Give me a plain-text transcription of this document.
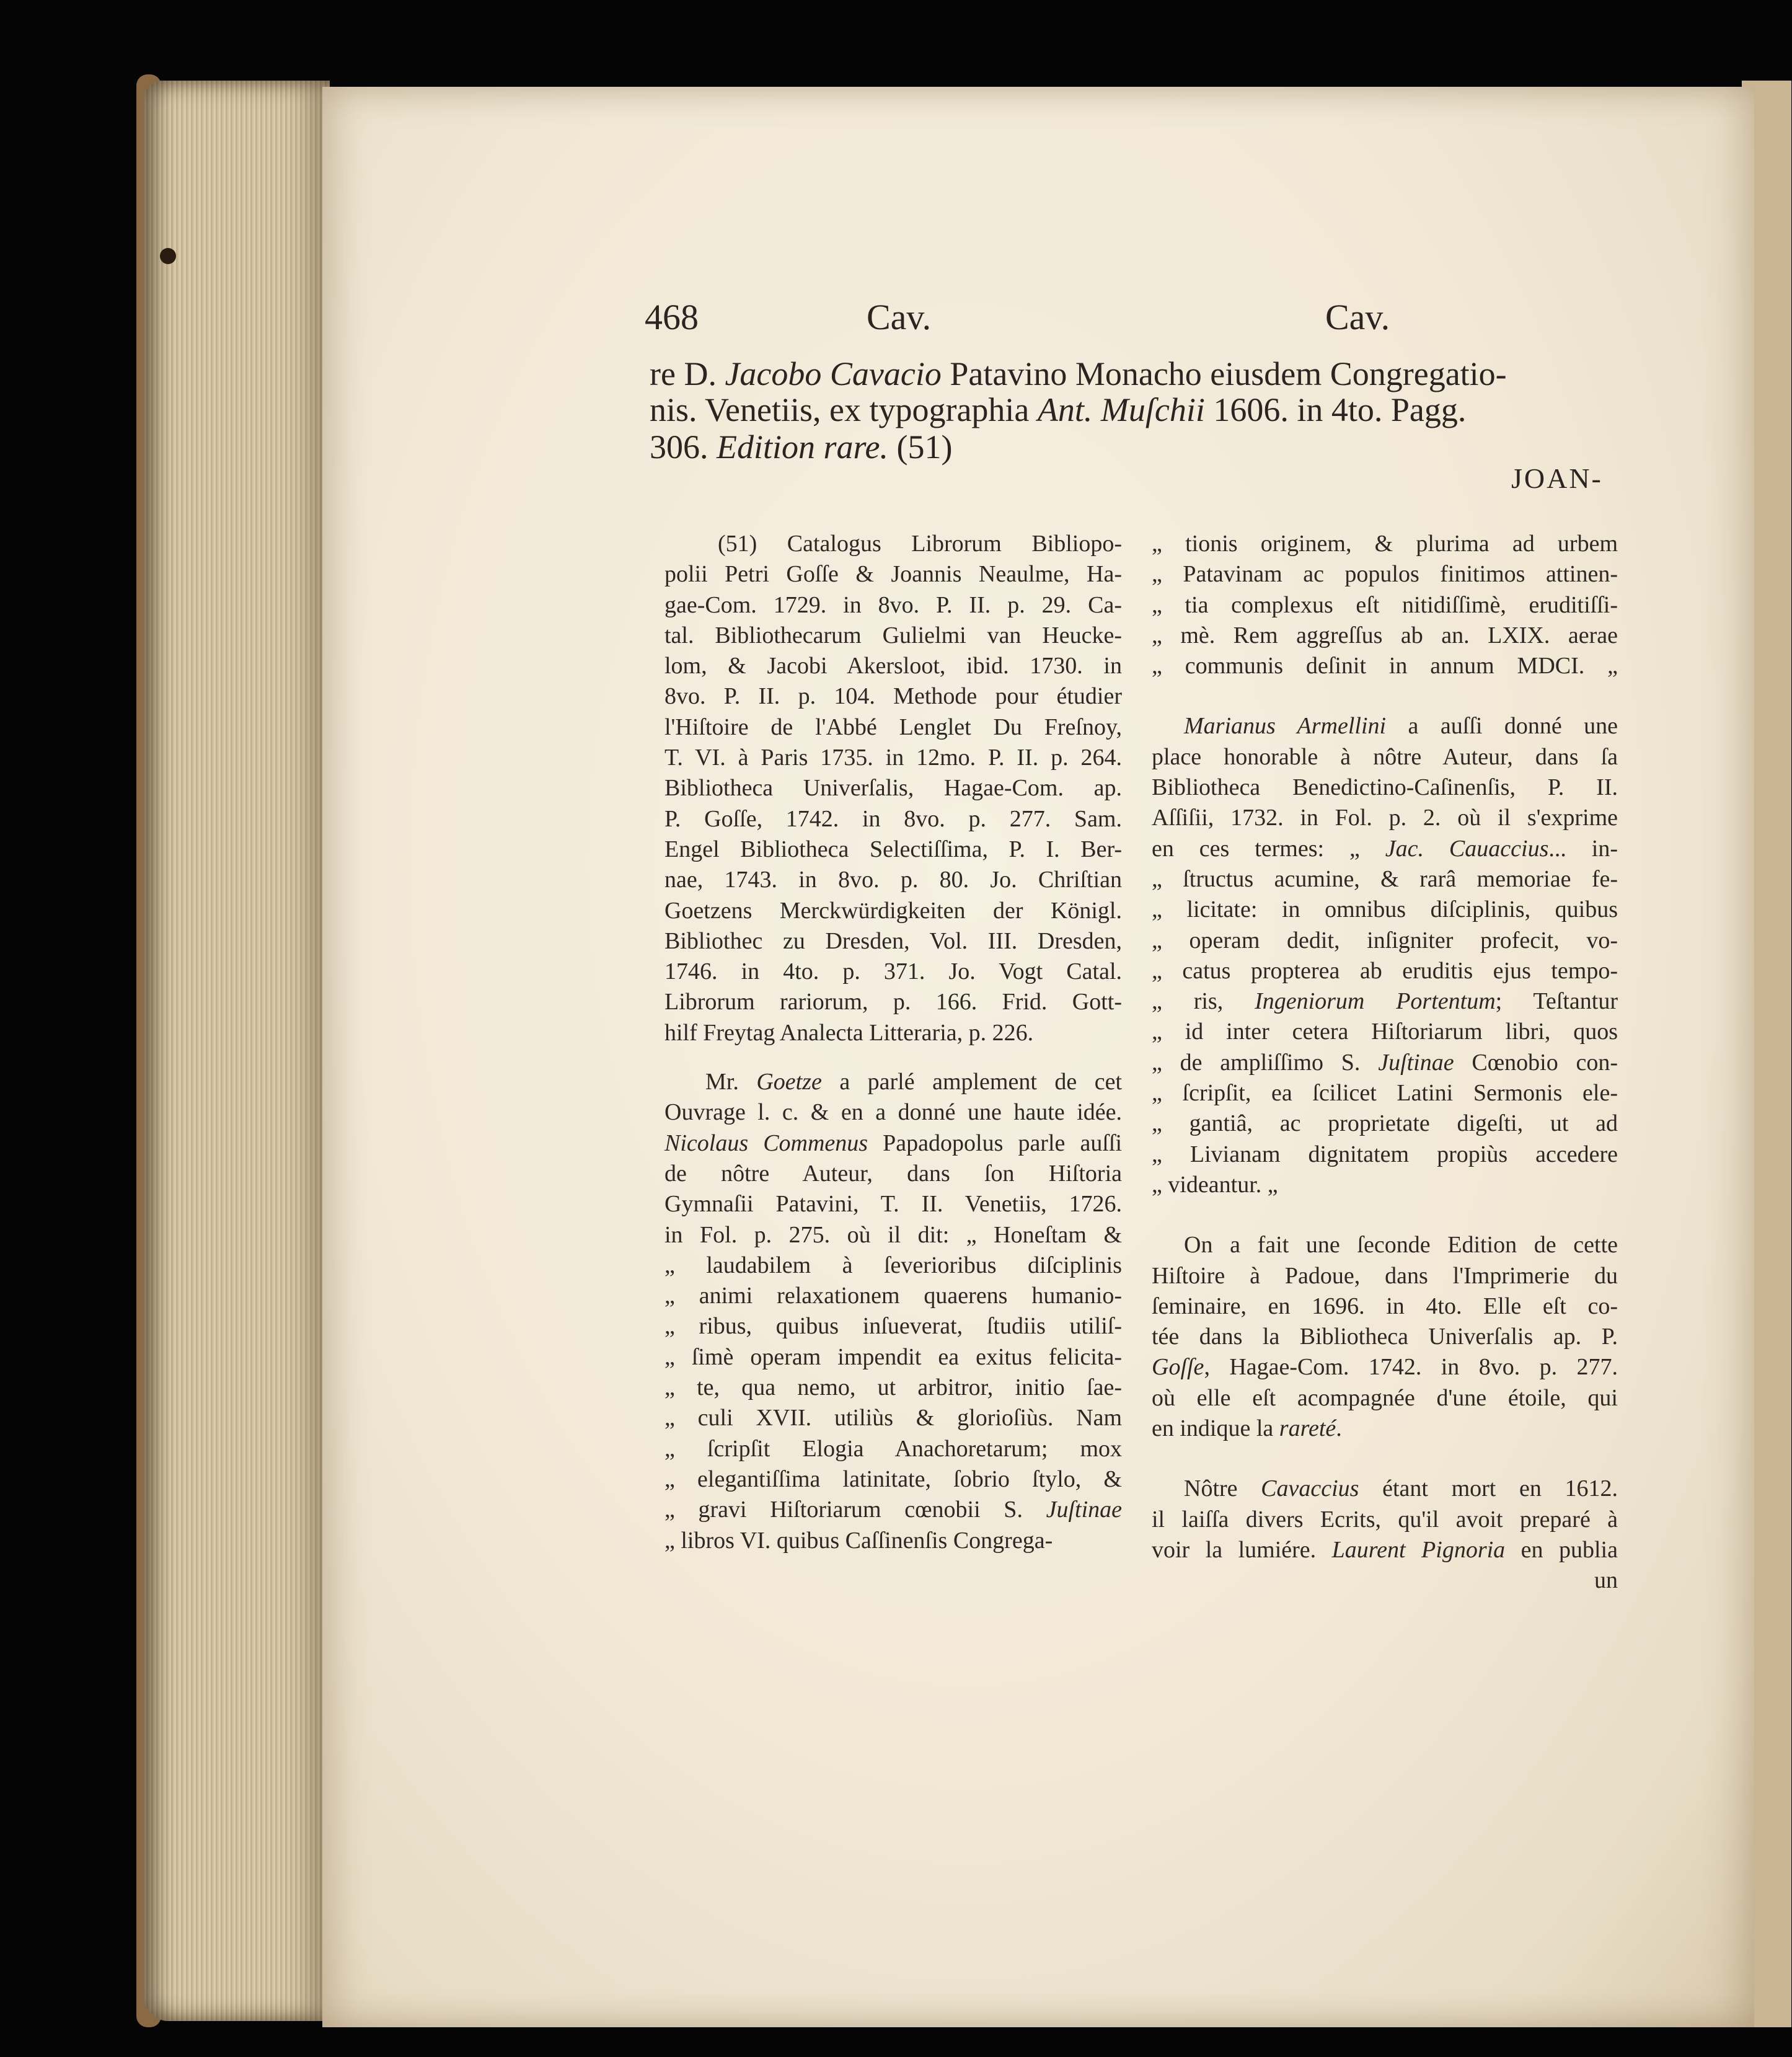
468	Cav.	Cav.
re D. Jacobo Cavacio Patavino Monacho eiusdem Congregatio-
nis. Venetiis, ex typographia Ant. Muſchii 1606. in 4to. Pagg.
306. Edition rare. (51)
JOAN-
(51) Catalogus Librorum Bibliopo-
polii Petri Goſſe & Joannis Neaulme, Ha-
gae-Com. 1729. in 8vo. P. II. p. 29. Ca-
tal. Bibliothecarum Gulielmi van Heucke-
lom, & Jacobi Akersloot, ibid. 1730. in
8vo. P. II. p. 104. Methode pour étudier
l'Hiſtoire de l'Abbé Lenglet Du Freſnoy,
T. VI. à Paris 1735. in 12mo. P. II. p. 264.
Bibliotheca Univerſalis, Hagae-Com. ap.
P. Goſſe, 1742. in 8vo. p. 277. Sam.
Engel Bibliotheca Selectiſſima, P. I. Ber-
nae, 1743. in 8vo. p. 80. Jo. Chriſtian
Goetzens Merckwürdigkeiten der Königl.
Bibliothec zu Dresden, Vol. III. Dresden,
1746. in 4to. p. 371. Jo. Vogt Catal.
Librorum rariorum, p. 166. Frid. Gott-
hilf Freytag Analecta Litteraria, p. 226.
Mr. Goetze a parlé amplement de cet
Ouvrage l. c. & en a donné une haute idée.
Nicolaus Commenus Papadopolus parle auſſi
de nôtre Auteur, dans ſon Hiſtoria
Gymnaſii Patavini, T. II. Venetiis, 1726.
in Fol. p. 275. où il dit: „ Honeſtam &
„ laudabilem à ſeverioribus diſciplinis
„ animi relaxationem quaerens humanio-
„ ribus, quibus inſueverat, ſtudiis utiliſ-
„ ſimè operam impendit ea exitus felicita-
„ te, qua nemo, ut arbitror, initio ſae-
„ culi XVII. utiliùs & glorioſiùs. Nam
„ ſcripſit Elogia Anachoretarum; mox
„ elegantiſſima latinitate, ſobrio ſtylo, &
„ gravi Hiſtoriarum cœnobii S. Juſtinae
„ libros VI. quibus Caſſinenſis Congrega-
„ tionis originem, & plurima ad urbem
„ Patavinam ac populos finitimos attinen-
„ tia complexus eſt nitidiſſimè, eruditiſſi-
„ mè. Rem aggreſſus ab an. LXIX. aerae
„ communis deſinit in annum MDCI. „
Marianus Armellini a auſſi donné une
place honorable à nôtre Auteur, dans ſa
Bibliotheca Benedictino-Caſinenſis, P. II.
Aſſiſii, 1732. in Fol. p. 2. où il s'exprime
en ces termes: „ Jac. Cauaccius... in-
„ ſtructus acumine, & rarâ memoriae fe-
„ licitate: in omnibus diſciplinis, quibus
„ operam dedit, inſigniter profecit, vo-
„ catus propterea ab eruditis ejus tempo-
„ ris, Ingeniorum Portentum; Teſtantur
„ id inter cetera Hiſtoriarum libri, quos
„ de ampliſſimo S. Juſtinae Cœnobio con-
„ ſcripſit, ea ſcilicet Latini Sermonis ele-
„ gantiâ, ac proprietate digeſti, ut ad
„ Livianam dignitatem propiùs accedere
„ videantur. „
On a fait une ſeconde Edition de cette
Hiſtoire à Padoue, dans l'Imprimerie du
ſeminaire, en 1696. in 4to. Elle eſt co-
tée dans la Bibliotheca Univerſalis ap. P.
Goſſe, Hagae-Com. 1742. in 8vo. p. 277.
où elle eſt acompagnée d'une étoile, qui
en indique la rareté.
Nôtre Cavaccius étant mort en 1612.
il laiſſa divers Ecrits, qu'il avoit preparé à
voir la lumiére. Laurent Pignoria en publia
un
